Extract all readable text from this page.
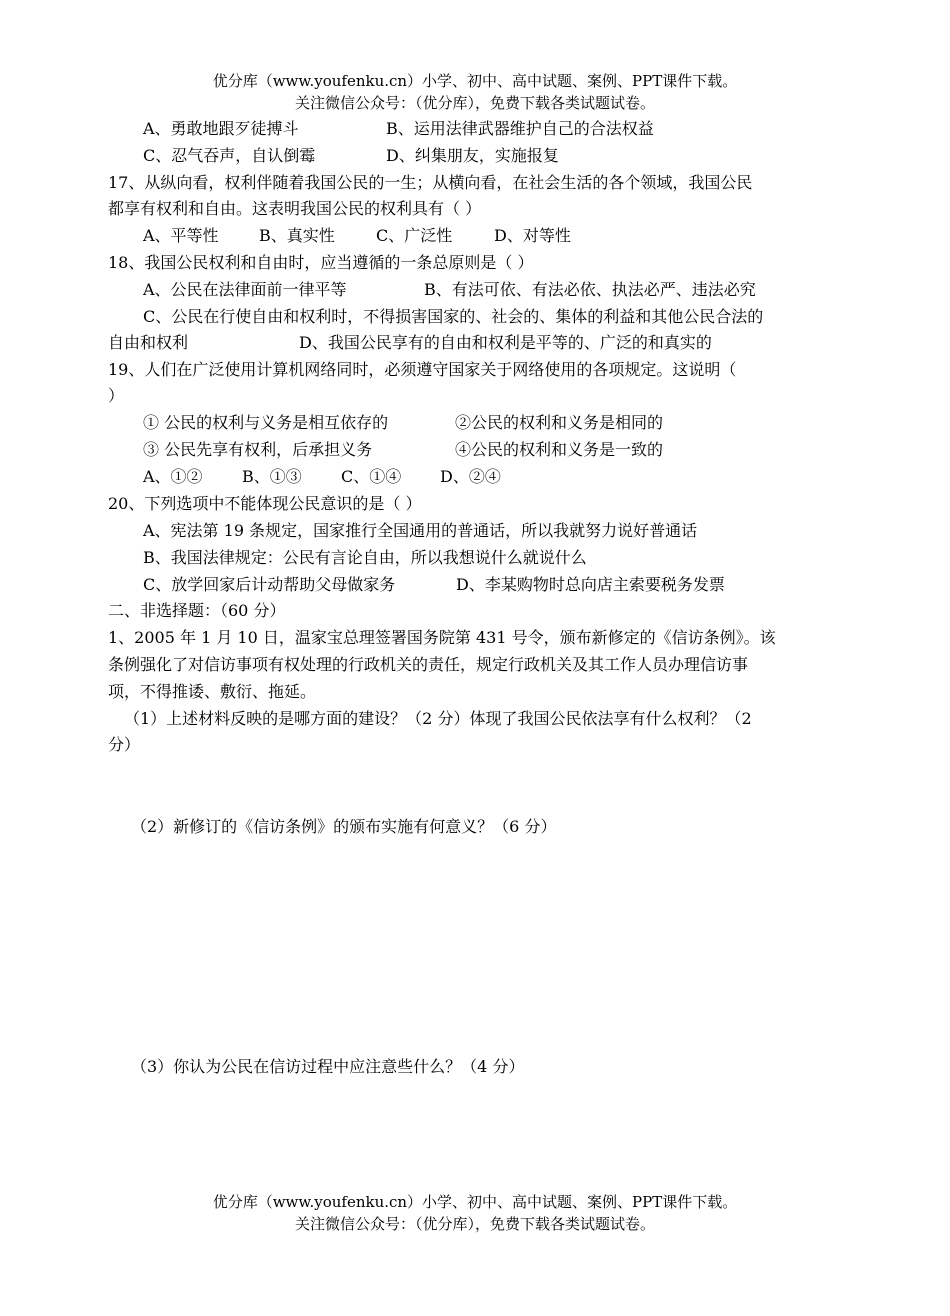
优分库（www.youfenku.cn）小学、初中、高中试题、案例、PPT课件下载。
关注微信公众号：（优分库），免费下载各类试题试卷。
A、勇敢地跟歹徒搏斗	B、运用法律武器维护自己的合法权益
C、忍气吞声，自认倒霉	D、纠集朋友，实施报复
17、从纵向看，权利伴随着我国公民的一生；从横向看，在社会生活的各个领域，我国公民
都享有权利和自由。这表明我国公民的权利具有（ ）
A、平等性	B、真实性	C、广泛性	D、对等性
18、我国公民权利和自由时，应当遵循的一条总原则是（ ）
A、公民在法律面前一律平等	B、有法可依、有法必依、执法必严、违法必究
C、公民在行使自由和权利时，不得损害国家的、社会的、集体的利益和其他公民合法的
自由和权利	D、我国公民享有的自由和权利是平等的、广泛的和真实的
19、人们在广泛使用计算机网络同时，必须遵守国家关于网络使用的各项规定。这说明（
）
① 公民的权利与义务是相互依存的	②公民的权利和义务是相同的
③ 公民先享有权利，后承担义务	④公民的权利和义务是一致的
A、①② B、①③ C、①④ D、②④
20、下列选项中不能体现公民意识的是（ ）
A、宪法第 19 条规定，国家推行全国通用的普通话，所以我就努力说好普通话
B、我国法律规定：公民有言论自由，所以我想说什么就说什么
C、放学回家后计动帮助父母做家务	D、李某购物时总向店主索要税务发票
二、非选择题：（60 分）
1、2005 年 1 月 10 日，温家宝总理签署国务院第 431 号令，颁布新修定的《信访条例》。该
条例强化了对信访事项有权处理的行政机关的责任，规定行政机关及其工作人员办理信访事
项，不得推诿、敷衍、拖延。
（1）上述材料反映的是哪方面的建设？（2 分）体现了我国公民依法享有什么权利？（2
分）
（2）新修订的《信访条例》的颁布实施有何意义？（6 分）
（3）你认为公民在信访过程中应注意些什么？（4 分）
优分库（www.youfenku.cn）小学、初中、高中试题、案例、PPT课件下载。
关注微信公众号：（优分库），免费下载各类试题试卷。
